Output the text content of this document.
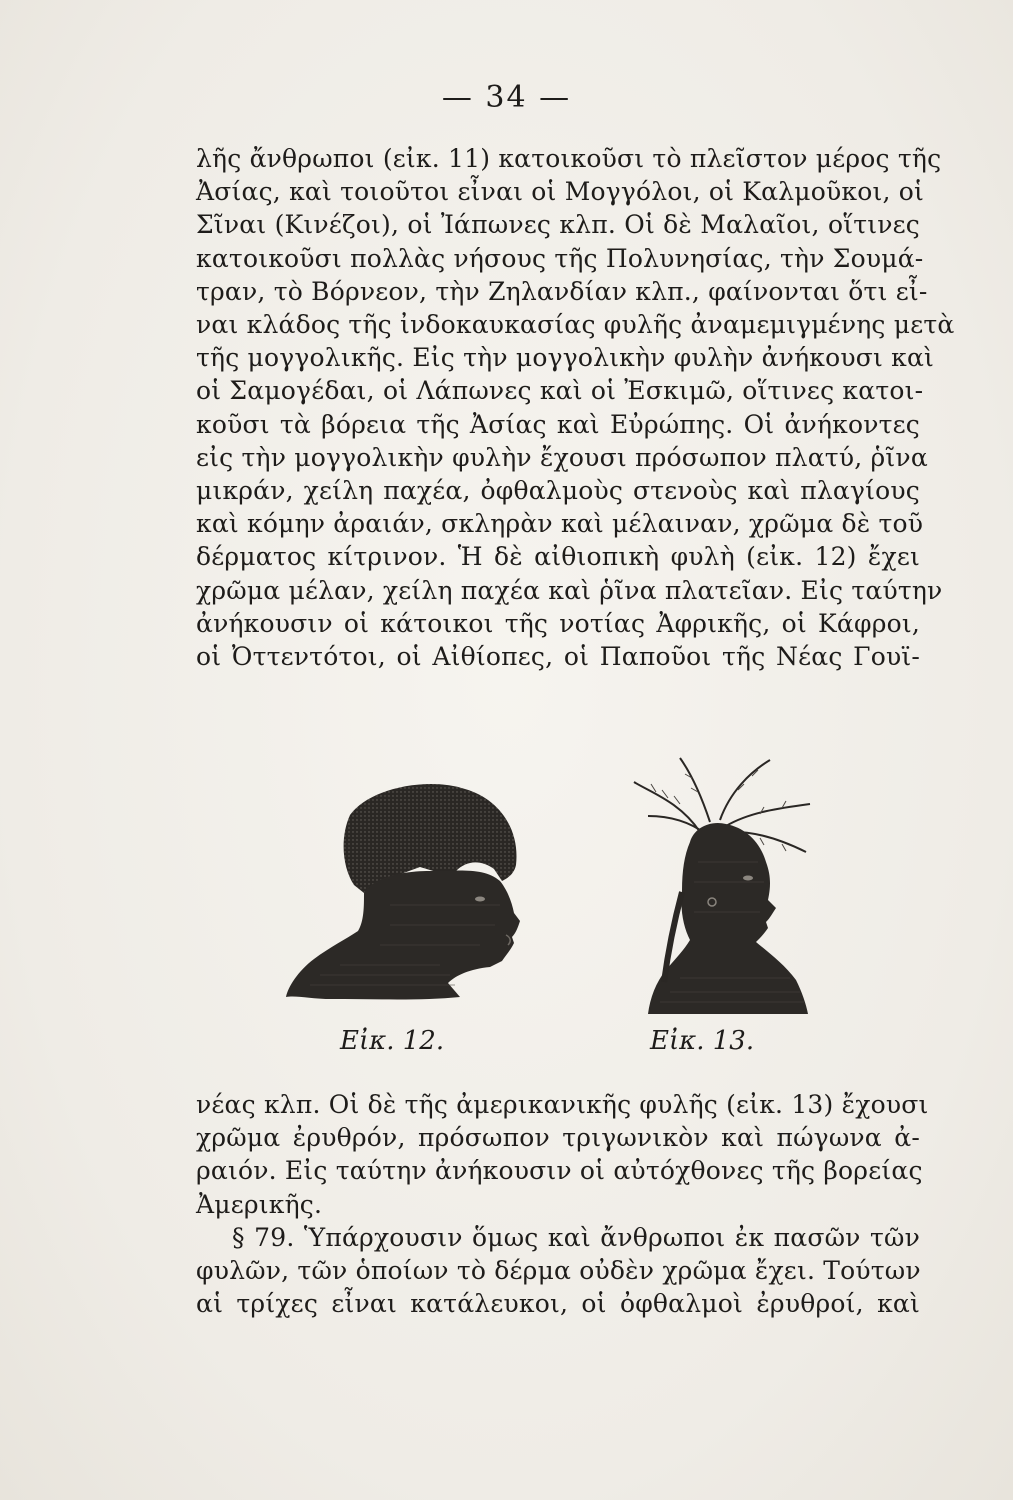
— 34 —
λῆς ἄνθρωποι (εἰκ. 11) κατοικοῦσι τὸ πλεῖστον μέρος τῆς
Ἀσίας, καὶ τοιοῦτοι εἶναι οἱ Μογγόλοι, οἱ Καλμοῦκοι, οἱ
Σῖναι (Κινέζοι), οἱ Ἰάπωνες κλπ. Οἱ δὲ Μαλαῖοι, οἵτινες
κατοικοῦσι πολλὰς νήσους τῆς Πολυνησίας, τὴν Σουμά-
τραν, τὸ Βόρνεον, τὴν Ζηλανδίαν κλπ., φαίνονται ὅτι εἶ-
ναι κλάδος τῆς ἰνδοκαυκασίας φυλῆς ἀναμεμιγμένης μετὰ
τῆς μογγολικῆς. Εἰς τὴν μογγολικὴν φυλὴν ἀνήκουσι καὶ
οἱ Σαμογέδαι, οἱ Λάπωνες καὶ οἱ Ἐσκιμῶ, οἵτινες κατοι-
κοῦσι τὰ βόρεια τῆς Ἀσίας καὶ Εὐρώπης. Οἱ ἀνήκοντες
εἰς τὴν μογγολικὴν φυλὴν ἔχουσι πρόσωπον πλατύ, ῥῖνα
μικράν, χείλη παχέα, ὀφθαλμοὺς στενοὺς καὶ πλαγίους
καὶ κόμην ἀραιάν, σκληρὰν καὶ μέλαιναν, χρῶμα δὲ τοῦ
δέρματος κίτρινον. Ἡ δὲ αἰθιοπικὴ φυλὴ (εἰκ. 12) ἔχει
χρῶμα μέλαν, χείλη παχέα καὶ ῥῖνα πλατεῖαν. Εἰς ταύτην
ἀνήκουσιν οἱ κάτοικοι τῆς νοτίας Ἀφρικῆς, οἱ Κάφροι,
οἱ Ὀττεντότοι, οἱ Αἰθίοπες, οἱ Παποῦοι τῆς Νέας Γουϊ-
Εἰκ. 12.	Εἰκ. 13.
νέας κλπ. Οἱ δὲ τῆς ἀμερικανικῆς φυλῆς (εἰκ. 13) ἔχουσι
χρῶμα ἐρυθρόν, πρόσωπον τριγωνικὸν καὶ πώγωνα ἀ-
ραιόν. Εἰς ταύτην ἀνήκουσιν οἱ αὐτόχθονες τῆς βορείας
Ἀμερικῆς.
§ 79. Ὑπάρχουσιν ὅμως καὶ ἄνθρωποι ἐκ πασῶν τῶν
φυλῶν, τῶν ὁποίων τὸ δέρμα οὐδὲν χρῶμα ἔχει. Τούτων
αἱ τρίχες εἶναι κατάλευκοι, οἱ ὀφθαλμοὶ ἐρυθροί, καὶ
